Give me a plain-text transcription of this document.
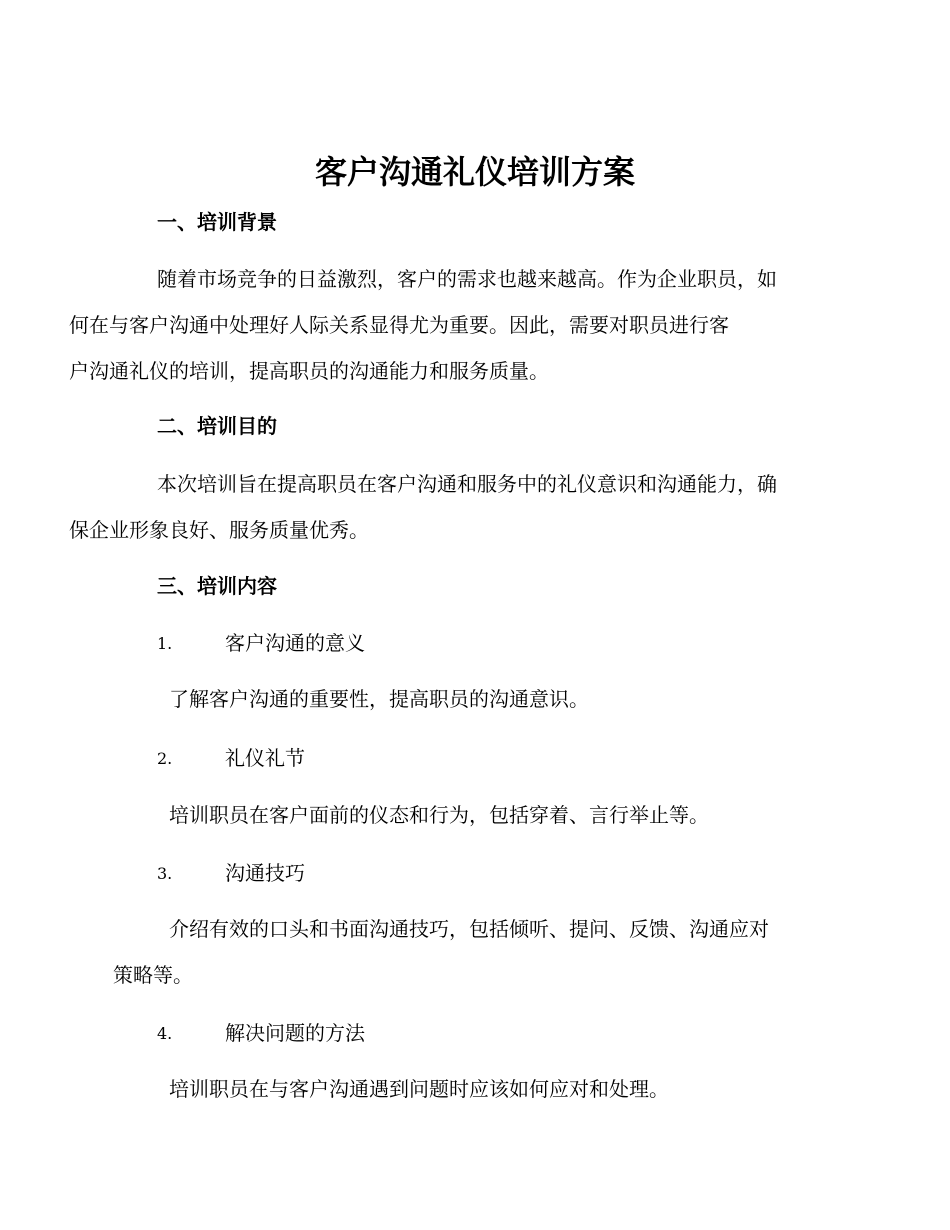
客户沟通礼仪培训方案
一、培训背景
随着市场竞争的日益激烈，客户的需求也越来越高。作为企业职员，如
何在与客户沟通中处理好人际关系显得尤为重要。因此，需要对职员进行客
户沟通礼仪的培训，提高职员的沟通能力和服务质量。
二、培训目的
本次培训旨在提高职员在客户沟通和服务中的礼仪意识和沟通能力，确
保企业形象良好、服务质量优秀。
三、培训内容
1.	客户沟通的意义
了解客户沟通的重要性，提高职员的沟通意识。
2.	礼仪礼节
培训职员在客户面前的仪态和行为，包括穿着、言行举止等。
3.	沟通技巧
介绍有效的口头和书面沟通技巧，包括倾听、提问、反馈、沟通应对
策略等。
4.	解决问题的方法
培训职员在与客户沟通遇到问题时应该如何应对和处理。
